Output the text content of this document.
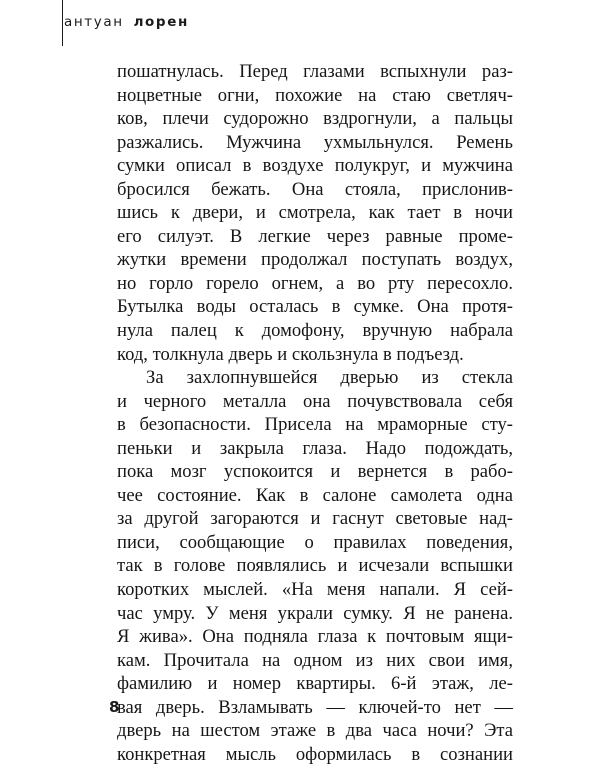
антуан лорен
пошатнулась. Перед глазами вспыхнули раз-
ноцветные огни, похожие на стаю светляч-
ков, плечи судорожно вздрогнули, а пальцы
разжались. Мужчина ухмыльнулся. Ремень
сумки описал в воздухе полукруг, и мужчина
бросился бежать. Она стояла, прислонив-
шись к двери, и смотрела, как тает в ночи
его силуэт. В легкие через равные проме-
жутки времени продолжал поступать воздух,
но горло горело огнем, а во рту пересохло.
Бутылка воды осталась в сумке. Она протя-
нула палец к домофону, вручную набрала
код, толкнула дверь и скользнула в подъезд.
За захлопнувшейся дверью из стекла
и черного металла она почувствовала себя
в безопасности. Присела на мраморные сту-
пеньки и закрыла глаза. Надо подождать,
пока мозг успокоится и вернется в рабо-
чее состояние. Как в салоне самолета одна
за другой загораются и гаснут световые над-
писи, сообщающие о правилах поведения,
так в голове появлялись и исчезали вспышки
коротких мыслей. «На меня напали. Я сей-
час умру. У меня украли сумку. Я не ранена.
Я жива». Она подняла глаза к почтовым ящи-
кам. Прочитала на одном из них свои имя,
фамилию и номер квартиры. 6-й этаж, ле-
вая дверь. Взламывать — ключей-то нет —
дверь на шестом этаже в два часа ночи? Эта
конкретная мысль оформилась в сознании
8
